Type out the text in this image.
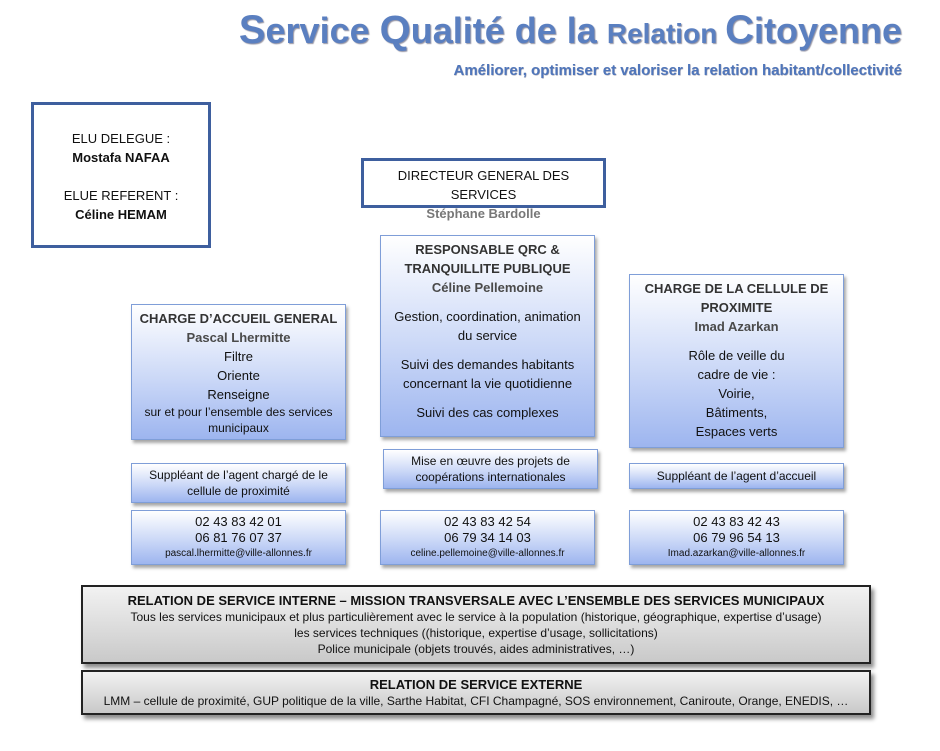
Service Qualité de la Relation Citoyenne
Améliorer, optimiser et valoriser la relation habitant/collectivité
ELU DELEGUE :
Mostafa NAFAA
ELUE REFERENT :
Céline HEMAM
DIRECTEUR GENERAL DES SERVICES
Stéphane Bardolle
RESPONSABLE QRC &
TRANQUILLITE PUBLIQUE
Céline Pellemoine
Gestion, coordination, animation
du service
Suivi des demandes habitants
concernant la vie quotidienne
Suivi des cas complexes
CHARGE D’ACCUEIL GENERAL
Pascal Lhermitte
Filtre
Oriente
Renseigne
sur et pour l’ensemble des services
municipaux
CHARGE DE LA CELLULE DE
PROXIMITE
Imad Azarkan
Rôle de veille du
cadre de vie :
Voirie,
Bâtiments,
Espaces verts
Suppléant de l’agent chargé de le
cellule de proximité
Mise en œuvre des projets de
coopérations internationales	Suppléant de l’agent d’accueil
02 43 83 42 01
06 81 76 07 37
pascal.lhermitte@ville-allonnes.fr
02 43 83 42 54
06 79 34 14 03
celine.pellemoine@ville-allonnes.fr
02 43 83 42 43
06 79 96 54 13
Imad.azarkan@ville-allonnes.fr
RELATION DE SERVICE INTERNE – MISSION TRANSVERSALE AVEC L’ENSEMBLE DES SERVICES MUNICIPAUX
Tous les services municipaux et plus particulièrement avec le service à la population (historique, géographique, expertise d’usage)
les services techniques ((historique, expertise d’usage, sollicitations)
Police municipale (objets trouvés, aides administratives, …)
RELATION DE SERVICE EXTERNE
LMM – cellule de proximité, GUP politique de la ville, Sarthe Habitat, CFI Champagné, SOS environnement, Caniroute, Orange, ENEDIS, …
